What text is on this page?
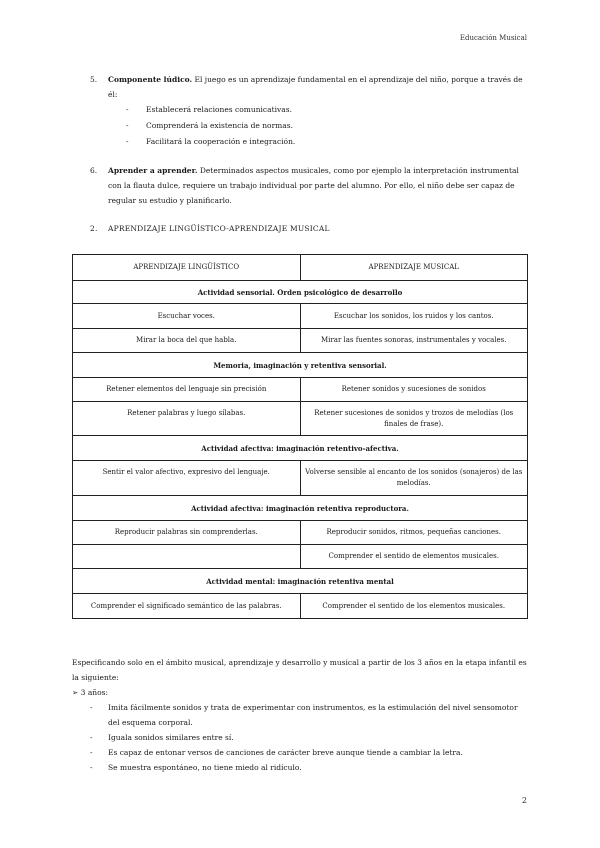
Educación Musical
5. Componente lúdico. El juego es un aprendizaje fundamental en el aprendizaje del niño, porque a través de él:
- Establecerá relaciones comunicativas.
- Comprenderá la existencia de normas.
- Facilitará la cooperación e integración.
6. Aprender a aprender. Determinados aspectos musicales, como por ejemplo la interpretación instrumental con la flauta dulce, requiere un trabajo individual por parte del alumno. Por ello, el niño debe ser capaz de regular su estudio y planificarlo.
2. APRENDIZAJE LINGÜÍSTICO-APRENDIZAJE MUSICAL
APRENDIZAJE LINGÜÍSTICO	APRENDIZAJE MUSICAL
Actividad sensorial. Orden psicológico de desarrollo	
Escuchar voces.	Escuchar los sonidos, los ruidos y los cantos.
Mirar la boca del que habla.	Mirar las fuentes sonoras, instrumentales y vocales.
Memoria, imaginación y retentiva sensorial.	
Retener elementos del lenguaje sin precisión	Retener sonidos y sucesiones de sonidos
Retener palabras y luego sílabas.	Retener sucesiones de sonidos y trozos de melodías (los finales de frase).
Actividad afectiva: imaginación retentivo-afectiva.	
Sentir el valor afectivo, expresivo del lenguaje.	Volverse sensible al encanto de los sonidos (sonajeros) de las melodías.
Actividad afectiva: imaginación retentiva reproductora.	
Reproducir palabras sin comprenderlas.	Reproducir sonidos, ritmos, pequeñas canciones.
	Comprender el sentido de elementos musicales.
Actividad mental: imaginación retentiva mental	
Comprender el significado semántico de las palabras.	Comprender el sentido de los elementos musicales.
Especificando solo en el ámbito musical, aprendizaje y desarrollo y musical a partir de los 3 años en la etapa infantil es la siguiente:
➢ 3 años:
- Imita fácilmente sonidos y trata de experimentar con instrumentos, es la estimulación del nivel sensomotor del esquema corporal.
- Iguala sonidos similares entre sí.
- Es capaz de entonar versos de canciones de carácter breve aunque tiende a cambiar la letra.
- Se muestra espontáneo, no tiene miedo al ridículo.
2
